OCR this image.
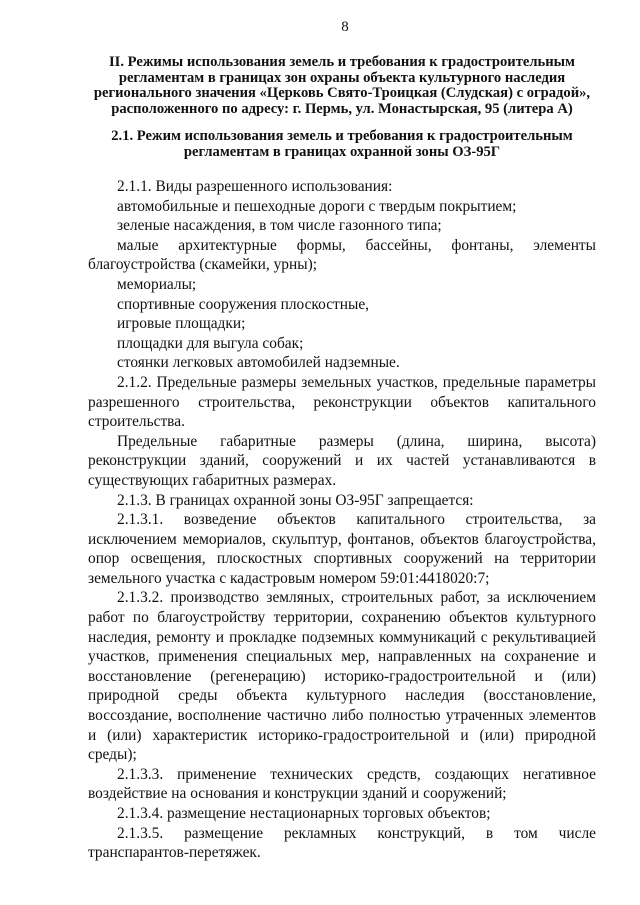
8
II. Режимы использования земель и требования к градостроительным регламентам в границах зон охраны объекта культурного наследия регионального значения «Церковь Свято-Троицкая (Слудская) с оградой», расположенного по адресу: г. Пермь, ул. Монастырская, 95 (литера А)
2.1. Режим использования земель и требования к градостроительным регламентам в границах охранной зоны ОЗ-95Г

2.1.1. Виды разрешенного использования:

автомобильные и пешеходные дороги с твердым покрытием;

зеленые насаждения, в том числе газонного типа;

малые архитектурные формы, бассейны, фонтаны, элементы благоустройства (скамейки, урны);

мемориалы;

спортивные сооружения плоскостные,

игровые площадки;

площадки для выгула собак;

стоянки легковых автомобилей надземные.

2.1.2. Предельные размеры земельных участков, предельные параметры разрешенного строительства, реконструкции объектов капитального строительства.

Предельные габаритные размеры (длина, ширина, высота) реконструкции зданий, сооружений и их частей устанавливаются в существующих габаритных размерах.

2.1.3. В границах охранной зоны ОЗ-95Г запрещается:

2.1.3.1. возведение объектов капитального строительства, за исключением мемориалов, скульптур, фонтанов, объектов благоустройства, опор освещения, плоскостных спортивных сооружений на территории земельного участка с кадастровым номером 59:01:4418020:7;

2.1.3.2. производство земляных, строительных работ, за исключением работ по благоустройству территории, сохранению объектов культурного наследия, ремонту и прокладке подземных коммуникаций с рекультивацией участков, применения специальных мер, направленных на сохранение и восстановление (регенерацию) историко-градостроительной и (или) природной среды объекта культурного наследия (восстановление, воссоздание, восполнение частично либо полностью утраченных элементов и (или) характеристик историко-градостроительной и (или) природной среды);

2.1.3.3. применение технических средств, создающих негативное воздействие на основания и конструкции зданий и сооружений;

2.1.3.4. размещение нестационарных торговых объектов;

2.1.3.5. размещение рекламных конструкций, в том числе транспарантов-перетяжек.
